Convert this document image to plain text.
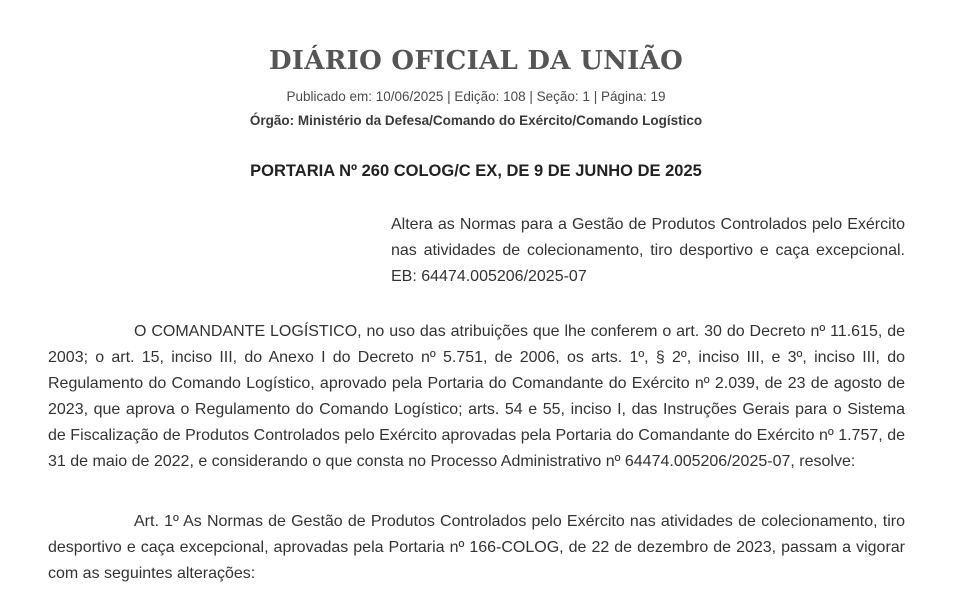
DIÁRIO OFICIAL DA UNIÃO
Publicado em: 10/06/2025 | Edição: 108 | Seção: 1 | Página: 19
Órgão: Ministério da Defesa/Comando do Exército/Comando Logístico
PORTARIA Nº 260 COLOG/C EX, DE 9 DE JUNHO DE 2025
Altera as Normas para a Gestão de Produtos Controlados pelo Exército nas atividades de colecionamento, tiro desportivo e caça excepcional. EB: 64474.005206/2025-07

O COMANDANTE LOGÍSTICO, no uso das atribuições que lhe conferem o art. 30 do Decreto nº 11.615, de 2003; o art. 15, inciso III, do Anexo I do Decreto nº 5.751, de 2006, os arts. 1º, § 2º, inciso III, e 3º, inciso III, do Regulamento do Comando Logístico, aprovado pela Portaria do Comandante do Exército nº 2.039, de 23 de agosto de 2023, que aprova o Regulamento do Comando Logístico; arts. 54 e 55, inciso I, das Instruções Gerais para o Sistema de Fiscalização de Produtos Controlados pelo Exército aprovadas pela Portaria do Comandante do Exército nº 1.757, de 31 de maio de 2022, e considerando o que consta no Processo Administrativo nº 64474.005206/2025-07, resolve:

Art. 1º As Normas de Gestão de Produtos Controlados pelo Exército nas atividades de colecionamento, tiro desportivo e caça excepcional, aprovadas pela Portaria nº 166-COLOG, de 22 de dezembro de 2023, passam a vigorar com as seguintes alterações:
